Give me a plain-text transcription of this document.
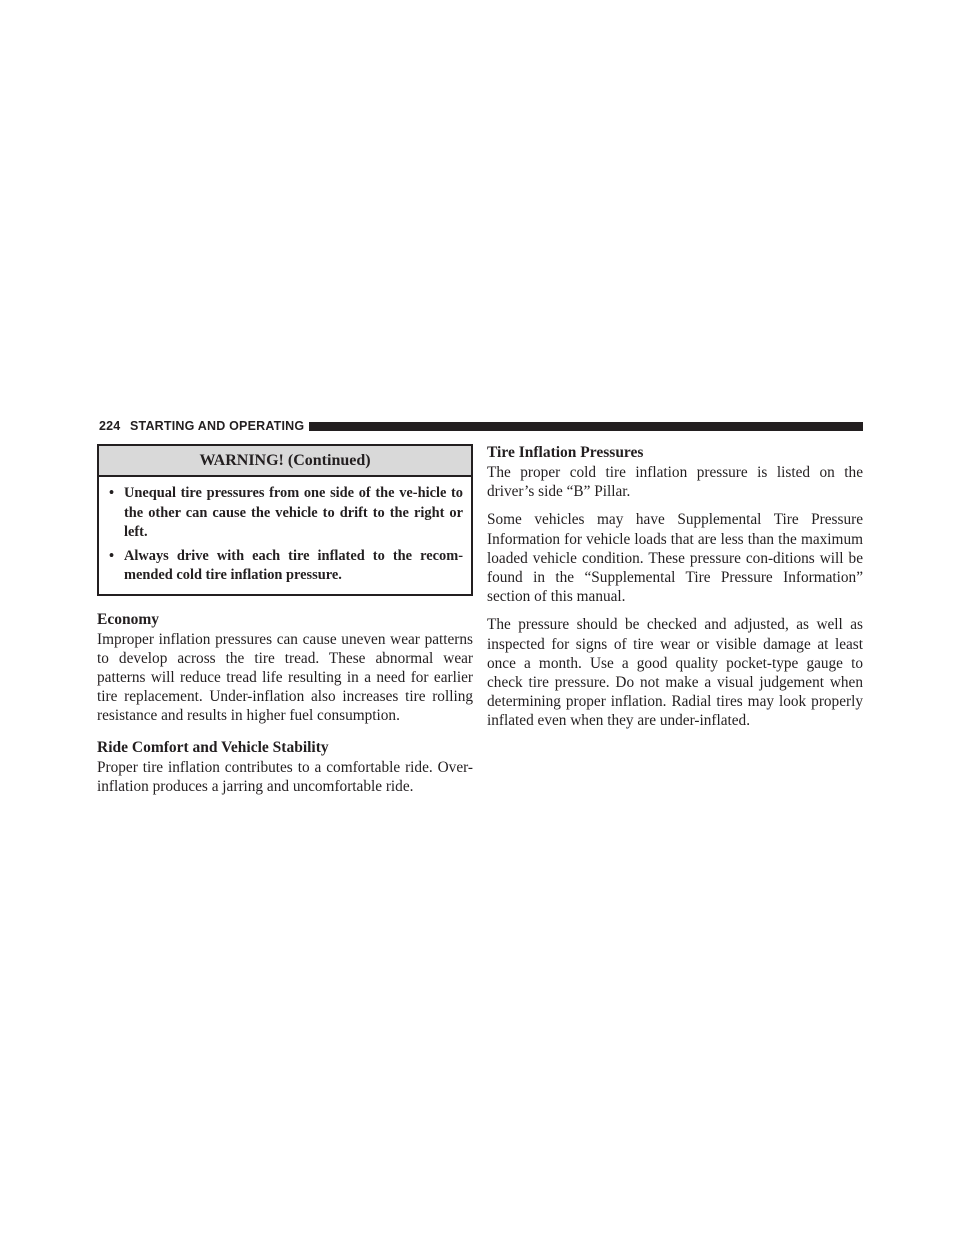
224 STARTING AND OPERATING
WARNING! (Continued)
• Unequal tire pressures from one side of the ve-hicle to the other can cause the vehicle to drift to the right or left.
• Always drive with each tire inflated to the recom-mended cold tire inflation pressure.
Economy

Improper inflation pressures can cause uneven wear patterns to develop across the tire tread. These abnormal wear patterns will reduce tread life resulting in a need for earlier tire replacement. Under-inflation also increases tire rolling resistance and results in higher fuel consumption.

Ride Comfort and Vehicle Stability

Proper tire inflation contributes to a comfortable ride. Over-inflation produces a jarring and uncomfortable ride.

Tire Inflation Pressures

The proper cold tire inflation pressure is listed on the driver’s side “B” Pillar.

Some vehicles may have Supplemental Tire Pressure Information for vehicle loads that are less than the maximum loaded vehicle condition. These pressure con-ditions will be found in the “Supplemental Tire Pressure Information” section of this manual.

The pressure should be checked and adjusted, as well as inspected for signs of tire wear or visible damage at least once a month. Use a good quality pocket-type gauge to check tire pressure. Do not make a visual judgement when determining proper inflation. Radial tires may look properly inflated even when they are under-inflated.
